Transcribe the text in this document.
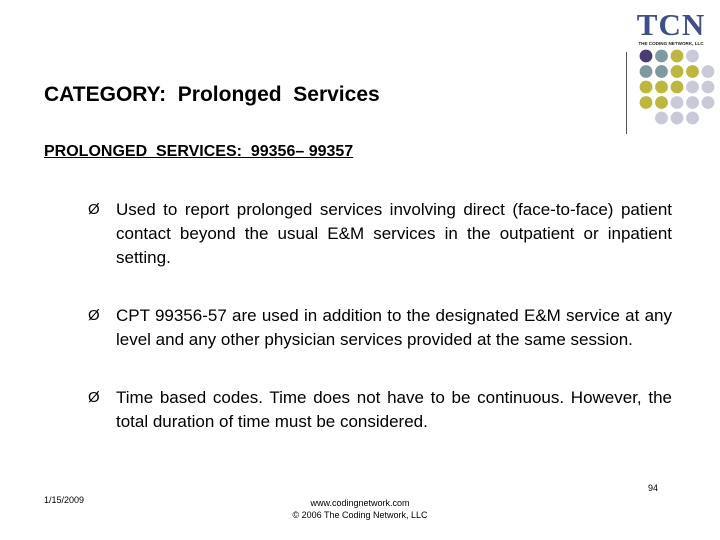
TCN
THE CODING NETWORK, LLC
CATEGORY:  Prolonged  Services
PROLONGED  SERVICES:  99356– 99357
Ø Used to report prolonged services involving direct (face-to-face) patient contact beyond the usual E&M services in the outpatient or inpatient setting.
Ø CPT 99356-57 are used in addition to the designated E&M service at any level and any other physician services provided at the same session.
Ø Time based codes. Time does not have to be continuous. However, the total duration of time must be considered.
1/15/2009	www.codingnetwork.com
© 2006 The Coding Network, LLC
94
